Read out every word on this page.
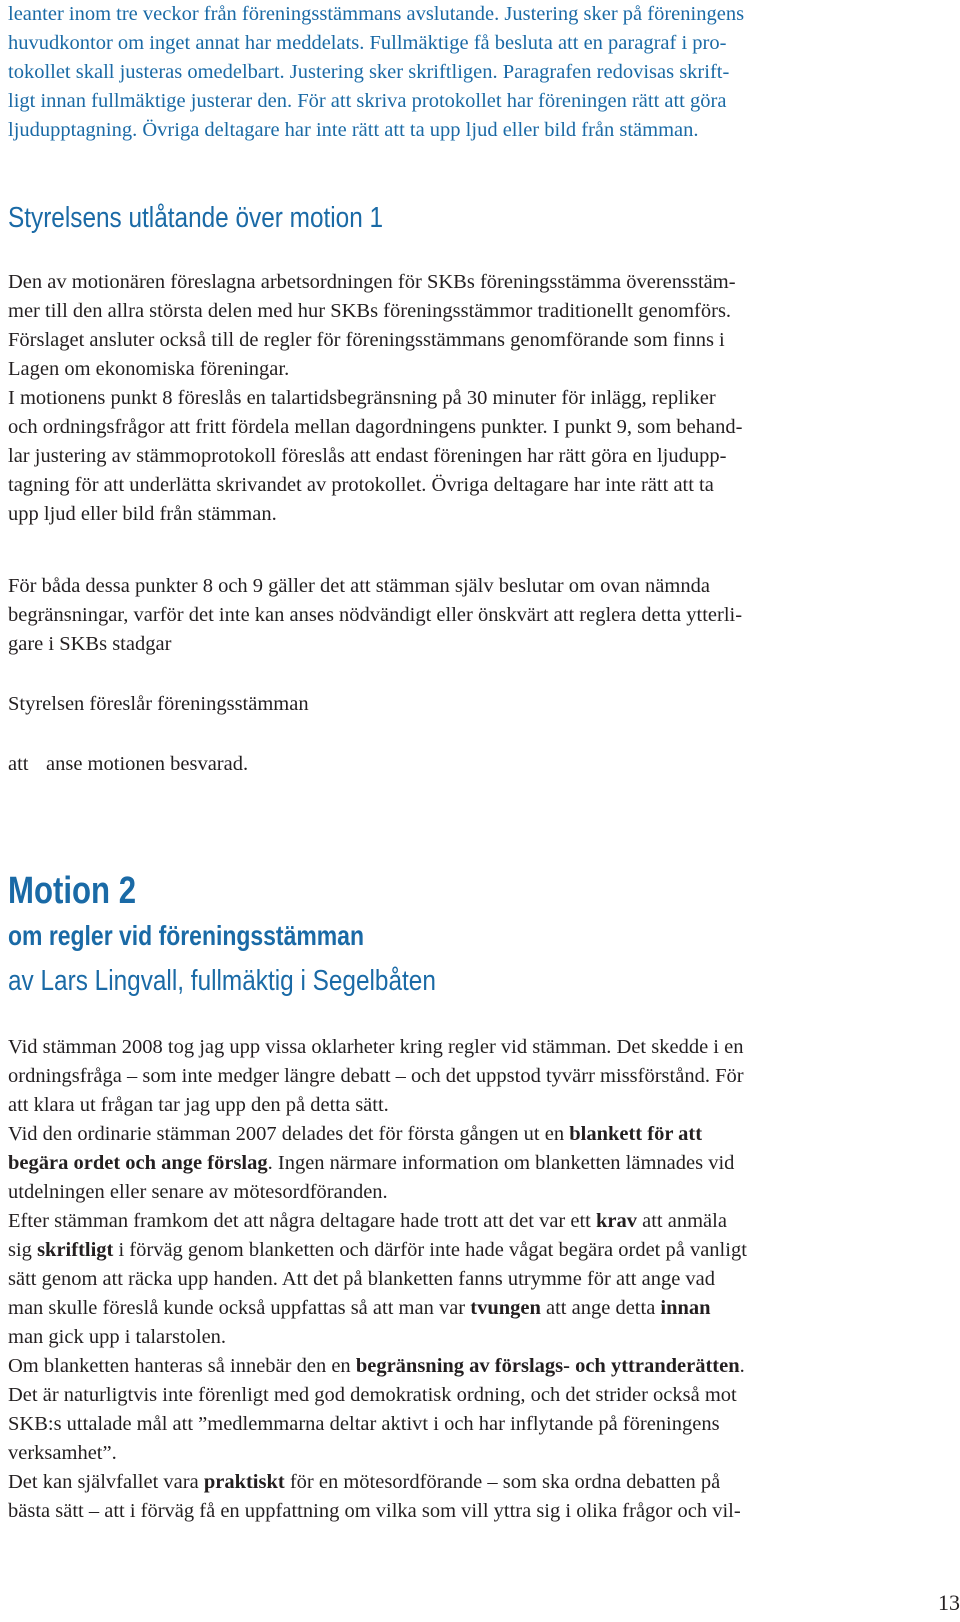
leanter inom tre veckor från föreningsstämmans avslutande. Justering sker på föreningens
huvudkontor om inget annat har meddelats. Fullmäktige få besluta att en paragraf i pro-
tokollet skall justeras omedelbart. Justering sker skriftligen. Paragrafen redovisas skrift-
ligt innan fullmäktige justerar den. För att skriva protokollet har föreningen rätt att göra
ljudupptagning. Övriga deltagare har inte rätt att ta upp ljud eller bild från stämman.

Styrelsens utlåtande över motion 1

Den av motionären föreslagna arbetsordningen för SKBs föreningsstämma överensstäm-
mer till den allra största delen med hur SKBs föreningsstämmor traditionellt genomförs.
Förslaget ansluter också till de regler för föreningsstämmans genomförande som finns i
Lagen om ekonomiska föreningar.
I motionens punkt 8 föreslås en talartidsbegränsning på 30 minuter för inlägg, repliker
och ordningsfrågor att fritt fördela mellan dagordningens punkter. I punkt 9, som behand-
lar justering av stämmoprotokoll föreslås att endast föreningen har rätt göra en ljudupp-
tagning för att underlätta skrivandet av protokollet. Övriga deltagare har inte rätt att ta
upp ljud eller bild från stämman.

För båda dessa punkter 8 och 9 gäller det att stämman själv beslutar om ovan nämnda
begränsningar, varför det inte kan anses nödvändigt eller önskvärt att reglera detta ytterli-
gare i SKBs stadgar

Styrelsen föreslår föreningsstämman

att anse motionen besvarad.

Motion 2
om regler vid föreningsstämman
av Lars Lingvall, fullmäktig i Segelbåten

Vid stämman 2008 tog jag upp vissa oklarheter kring regler vid stämman. Det skedde i en
ordningsfråga – som inte medger längre debatt – och det uppstod tyvärr missförstånd. För
att klara ut frågan tar jag upp den på detta sätt.
Vid den ordinarie stämman 2007 delades det för första gången ut en blankett för att
begära ordet och ange förslag. Ingen närmare information om blanketten lämnades vid
utdelningen eller senare av mötesordföranden.
Efter stämman framkom det att några deltagare hade trott att det var ett krav att anmäla
sig skriftligt i förväg genom blanketten och därför inte hade vågat begära ordet på vanligt
sätt genom att räcka upp handen. Att det på blanketten fanns utrymme för att ange vad
man skulle föreslå kunde också uppfattas så att man var tvungen att ange detta innan
man gick upp i talarstolen.
Om blanketten hanteras så innebär den en begränsning av förslags- och yttranderätten.
Det är naturligtvis inte förenligt med god demokratisk ordning, och det strider också mot
SKB:s uttalade mål att ”medlemmarna deltar aktivt i och har inflytande på föreningens
verksamhet”.
Det kan självfallet vara praktiskt för en mötesordförande – som ska ordna debatten på
bästa sätt – att i förväg få en uppfattning om vilka som vill yttra sig i olika frågor och vil-

13
